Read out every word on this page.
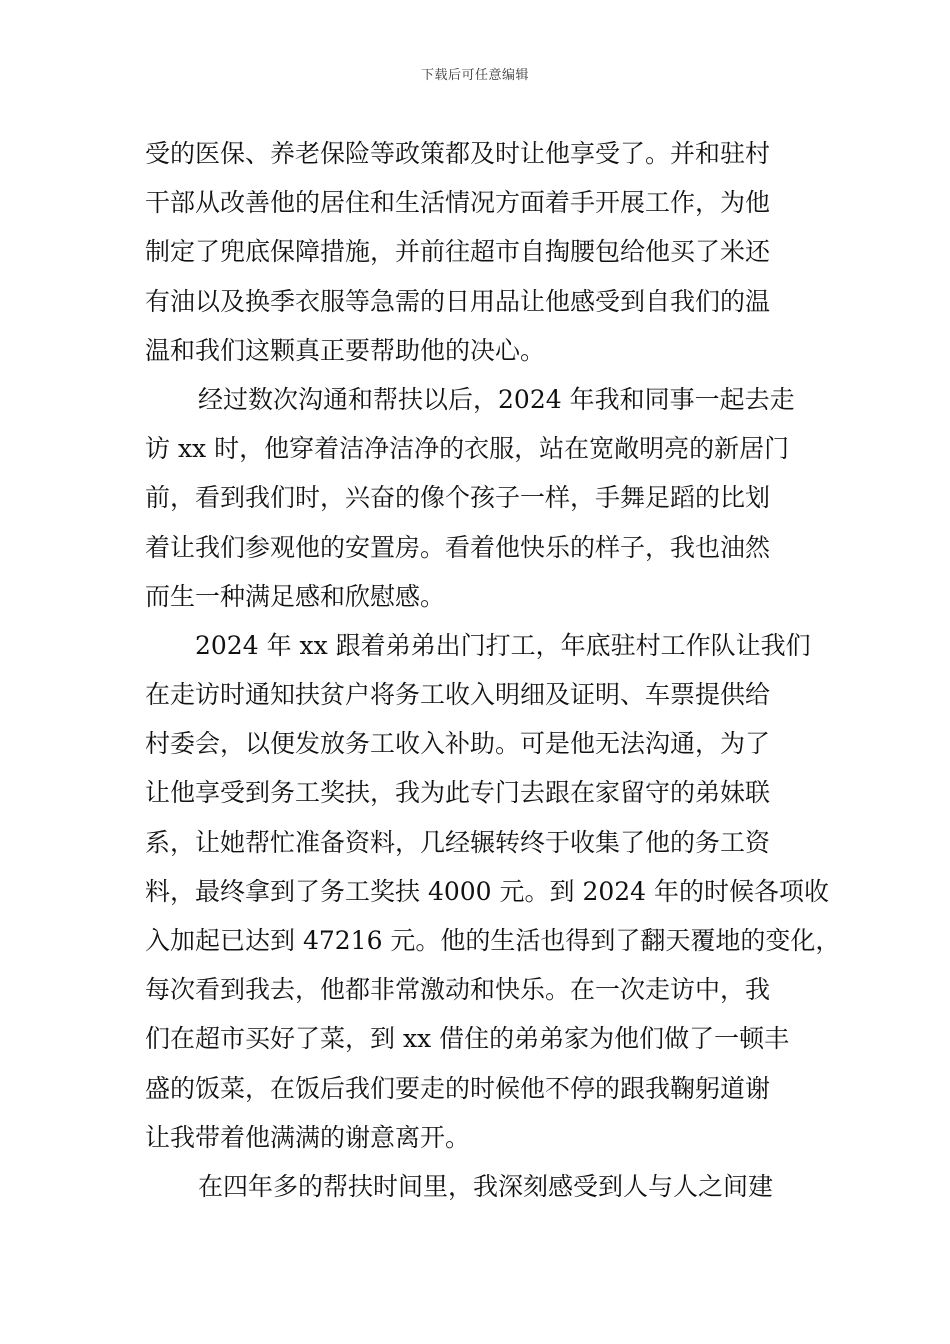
下载后可任意编辑
受的医保、养老保险等政策都及时让他享受了。并和驻村
干部从改善他的居住和生活情况方面着手开展工作，为他
制定了兜底保障措施，并前往超市自掏腰包给他买了米还
有油以及换季衣服等急需的日用品让他感受到自我们的温
温和我们这颗真正要帮助他的决心。
经过数次沟通和帮扶以后，2024 年我和同事一起去走
访 xx 时，他穿着洁净洁净的衣服，站在宽敞明亮的新居门
前，看到我们时，兴奋的像个孩子一样，手舞足蹈的比划
着让我们参观他的安置房。看着他快乐的样子，我也油然
而生一种满足感和欣慰感。
2024 年 xx 跟着弟弟出门打工，年底驻村工作队让我们
在走访时通知扶贫户将务工收入明细及证明、车票提供给
村委会，以便发放务工收入补助。可是他无法沟通，为了
让他享受到务工奖扶，我为此专门去跟在家留守的弟妹联
系，让她帮忙准备资料，几经辗转终于收集了他的务工资
料，最终拿到了务工奖扶 4000 元。到 2024 年的时候各项收
入加起已达到 47216 元。他的生活也得到了翻天覆地的变化，
每次看到我去，他都非常激动和快乐。在一次走访中，我
们在超市买好了菜，到 xx 借住的弟弟家为他们做了一顿丰
盛的饭菜，在饭后我们要走的时候他不停的跟我鞠躬道谢
让我带着他满满的谢意离开。
在四年多的帮扶时间里，我深刻感受到人与人之间建
